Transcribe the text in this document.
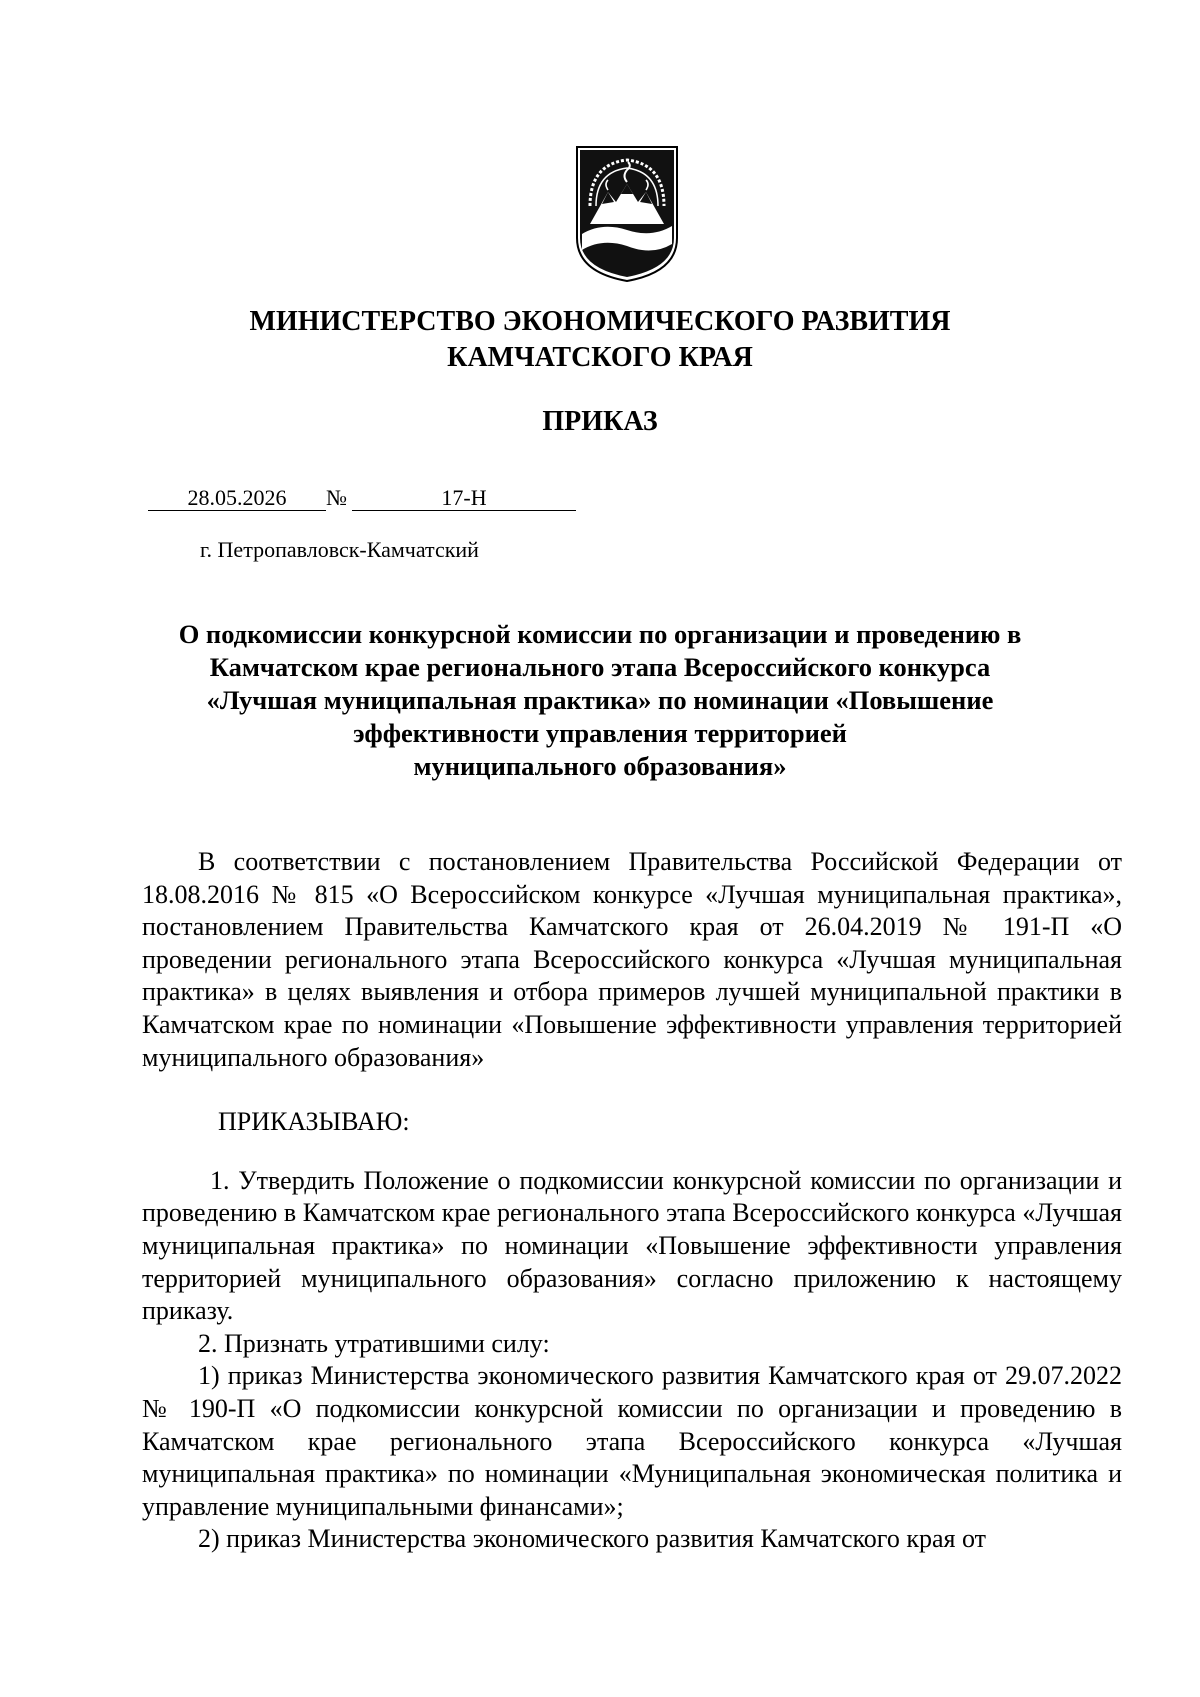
МИНИСТЕРСТВО ЭКОНОМИЧЕСКОГО РАЗВИТИЯ
КАМЧАТСКОГО КРАЯ

ПРИКАЗ

28.05.2026 №	17-Н

г. Петропавловск-Камчатский

О подкомиссии конкурсной комиссии по организации и проведению в
Камчатском крае регионального этапа Всероссийского конкурса
«Лучшая муниципальная практика» по номинации «Повышение
эффективности управления территорией
муниципального образования»

В соответствии с постановлением Правительства Российской Федерации от 18.08.2016 № 815 «О Всероссийском конкурсе «Лучшая муниципальная практика», постановлением Правительства Камчатского края от 26.04.2019 № 191-П «О проведении регионального этапа Всероссийского конкурса «Лучшая муниципальная практика» в целях выявления и отбора примеров лучшей муниципальной практики в Камчатском крае по номинации «Повышение эффективности управления территорией муниципального образования»

ПРИКАЗЫВАЮ:

1. Утвердить Положение о подкомиссии конкурсной комиссии по организации и проведению в Камчатском крае регионального этапа Всероссийского конкурса «Лучшая муниципальная практика» по номинации «Повышение эффективности управления территорией муниципального образования» согласно приложению к настоящему приказу.

2. Признать утратившими силу:

1) приказ Министерства экономического развития Камчатского края от 29.07.2022 № 190-П «О подкомиссии конкурсной комиссии по организации и проведению в Камчатском крае регионального этапа Всероссийского конкурса «Лучшая муниципальная практика» по номинации «Муниципальная экономическая политика и управление муниципальными финансами»;

2) приказ Министерства экономического развития Камчатского края от
